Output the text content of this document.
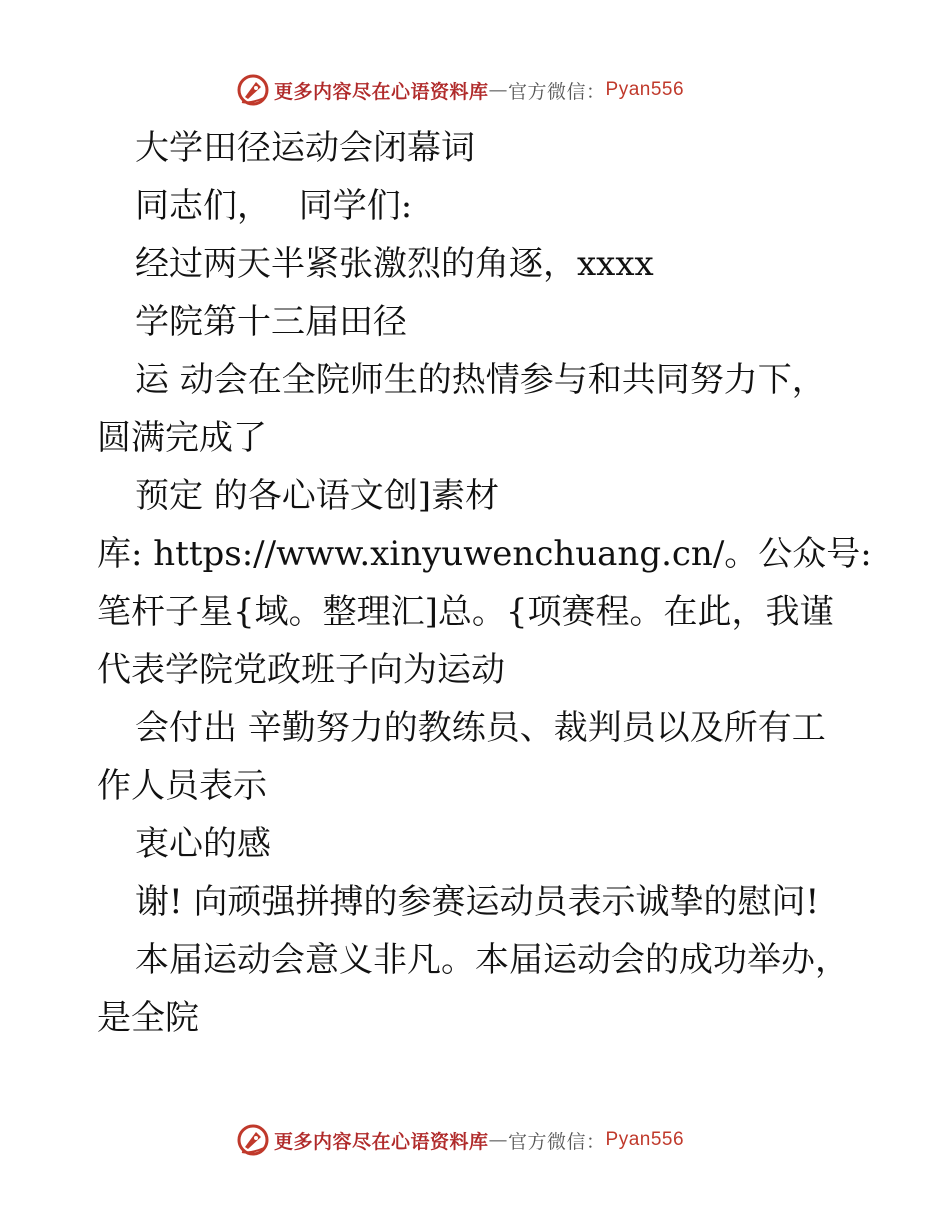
更多内容尽在心语资料库 — 官方微信： Pyan556
大学田径运动会闭幕词
同志们，　 同学们:
经过两天半紧张激烈的角逐，xxxx
学院第十三届田径
运 动会在全院师生的热情参与和共同努力下，
圆满完成了
预定 的各心语文创]素材
库: https://www.xinyuwenchuang.cn/。公众号:
笔杆子星{域。整理汇]总。{项赛程。在此，我谨
代表学院党政班子向为运动
会付出 辛勤努力的教练员、裁判员以及所有工
作人员表示
衷心的感
谢! 向顽强拼搏的参赛运动员表示诚挚的慰问!
本届运动会意义非凡。本届运动会的成功举办，
是全院
更多内容尽在心语资料库 — 官方微信： Pyan556
